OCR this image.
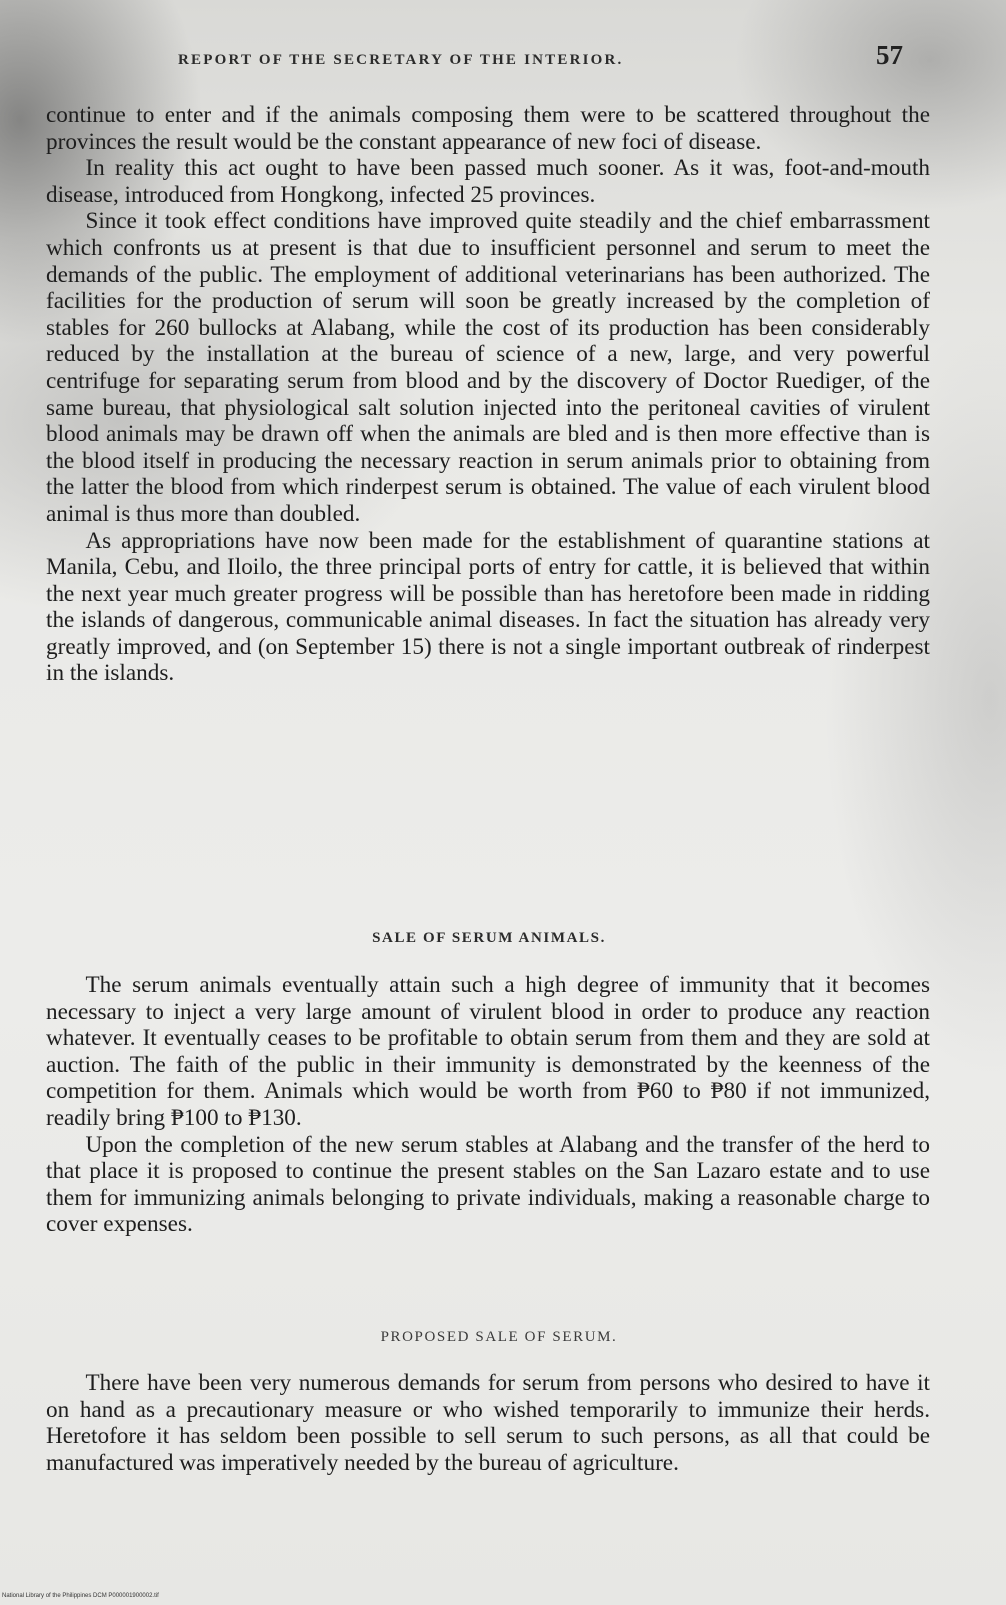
REPORT OF THE SECRETARY OF THE INTERIOR.	57

continue to enter and if the animals composing them were to be scattered throughout the provinces the result would be the constant appearance of new foci of disease.

In reality this act ought to have been passed much sooner. As it was, foot-and-mouth disease, introduced from Hongkong, infected 25 provinces.

Since it took effect conditions have improved quite steadily and the chief embarrassment which confronts us at present is that due to insufficient personnel and serum to meet the demands of the public. The employment of additional veterinarians has been authorized. The facilities for the production of serum will soon be greatly increased by the completion of stables for 260 bullocks at Alabang, while the cost of its production has been considerably reduced by the installation at the bureau of science of a new, large, and very powerful centrifuge for separating serum from blood and by the discovery of Doctor Ruediger, of the same bureau, that physiological salt solution injected into the peritoneal cavities of virulent blood animals may be drawn off when the animals are bled and is then more effective than is the blood itself in producing the necessary reaction in serum animals prior to obtaining from the latter the blood from which rinderpest serum is obtained. The value of each virulent blood animal is thus more than doubled.

As appropriations have now been made for the establishment of quarantine stations at Manila, Cebu, and Iloilo, the three principal ports of entry for cattle, it is believed that within the next year much greater progress will be possible than has heretofore been made in ridding the islands of dangerous, communicable animal diseases. In fact the situation has already very greatly improved, and (on September 15) there is not a single important outbreak of rinderpest in the islands.

SALE OF SERUM ANIMALS.

The serum animals eventually attain such a high degree of immunity that it becomes necessary to inject a very large amount of virulent blood in order to produce any reaction whatever. It eventually ceases to be profitable to obtain serum from them and they are sold at auction. The faith of the public in their immunity is demonstrated by the keenness of the competition for them. Animals which would be worth from ₱60 to ₱80 if not immunized, readily bring ₱100 to ₱130.

Upon the completion of the new serum stables at Alabang and the transfer of the herd to that place it is proposed to continue the present stables on the San Lazaro estate and to use them for immunizing animals belonging to private individuals, making a reasonable charge to cover expenses.

PROPOSED SALE OF SERUM.

There have been very numerous demands for serum from persons who desired to have it on hand as a precautionary measure or who wished temporarily to immunize their herds. Heretofore it has seldom been possible to sell serum to such persons, as all that could be manufactured was imperatively needed by the bureau of agriculture.

National Library of the Philippines DCM P000001900002.tif
